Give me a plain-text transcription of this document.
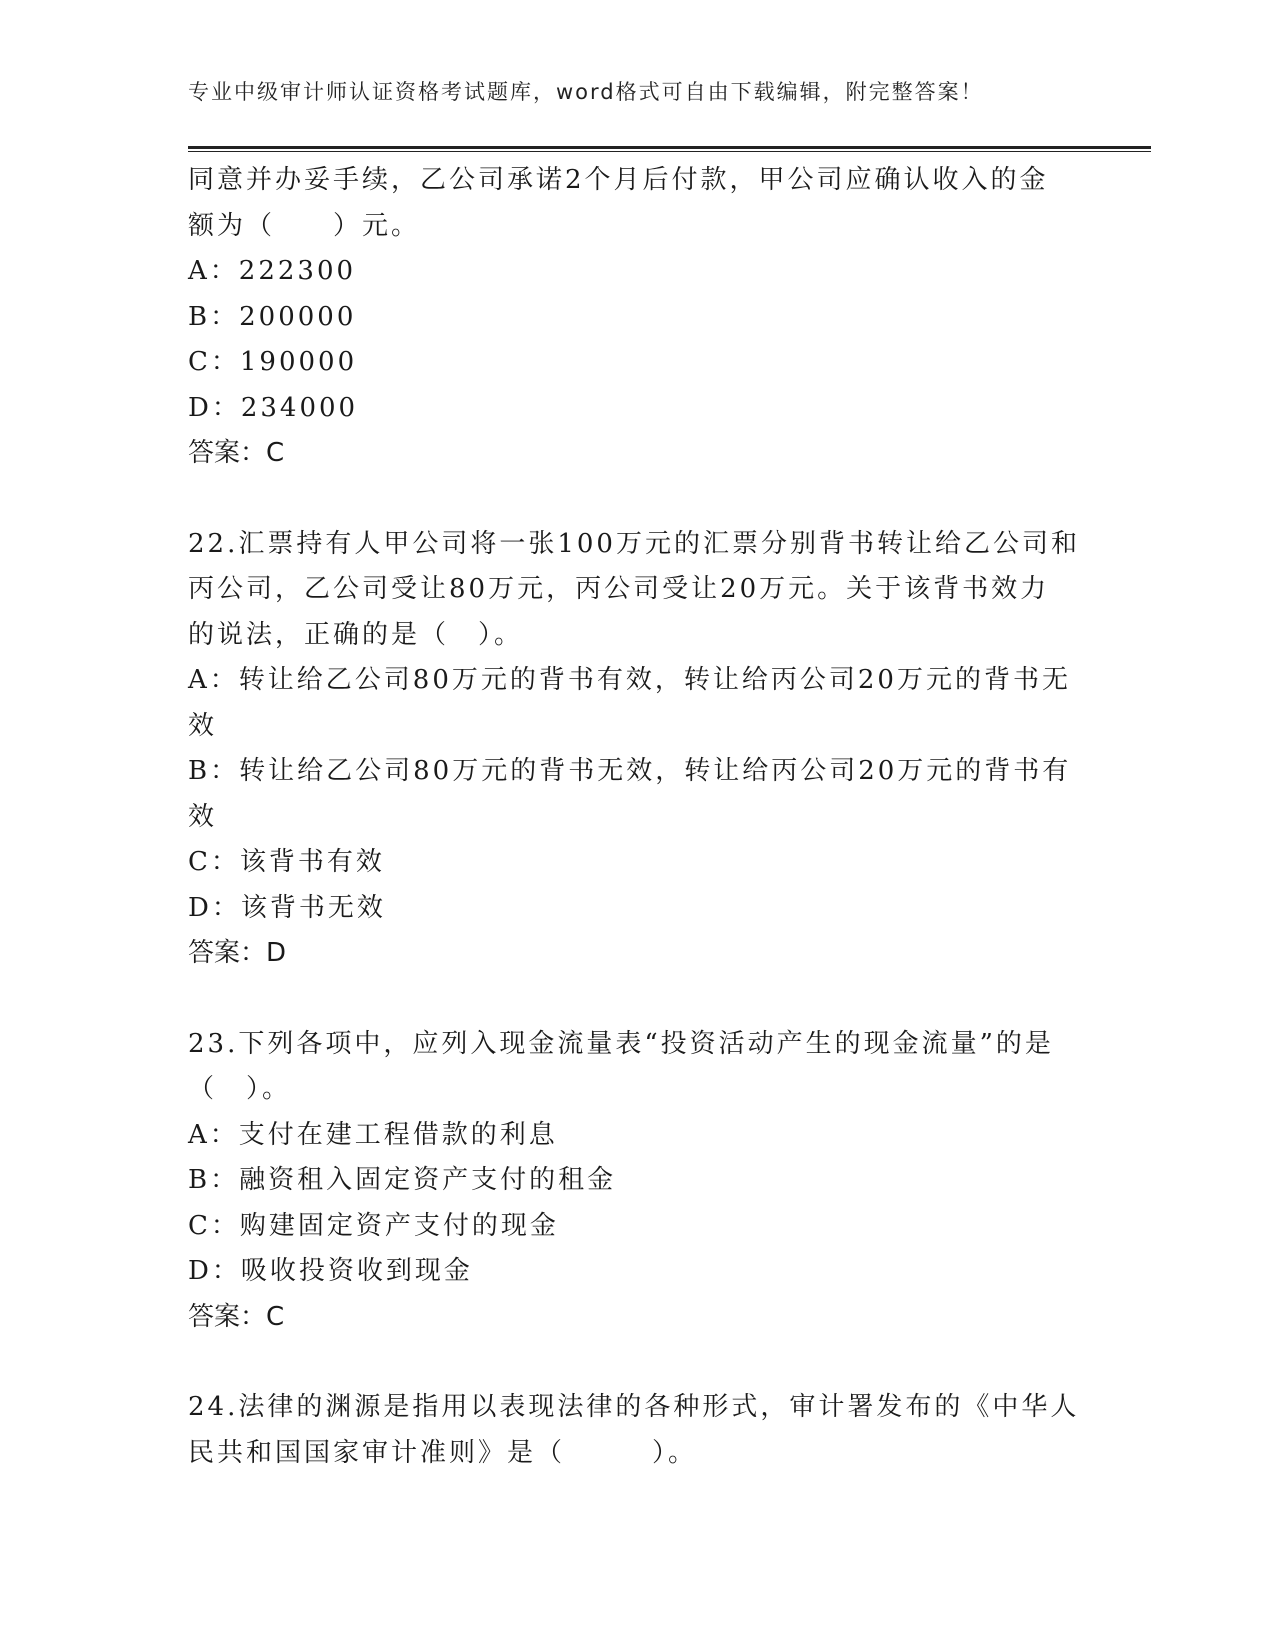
专业中级审计师认证资格考试题库，word格式可自由下载编辑，附完整答案！
同意并办妥手续，乙公司承诺2个月后付款，甲公司应确认收入的金
额为（　　）元。
A：222300
B：200000
C：190000
D：234000
答案：C
22.汇票持有人甲公司将一张100万元的汇票分别背书转让给乙公司和
丙公司，乙公司受让80万元，丙公司受让20万元。关于该背书效力
的说法，正确的是（　）。
A：转让给乙公司80万元的背书有效，转让给丙公司20万元的背书无
效
B：转让给乙公司80万元的背书无效，转让给丙公司20万元的背书有
效
C：该背书有效
D：该背书无效
答案：D
23.下列各项中，应列入现金流量表“投资活动产生的现金流量”的是
（　）。
A：支付在建工程借款的利息
B：融资租入固定资产支付的租金
C：购建固定资产支付的现金
D：吸收投资收到现金
答案：C
24.法律的渊源是指用以表现法律的各种形式，审计署发布的《中华人
民共和国国家审计准则》是（　　　）。
